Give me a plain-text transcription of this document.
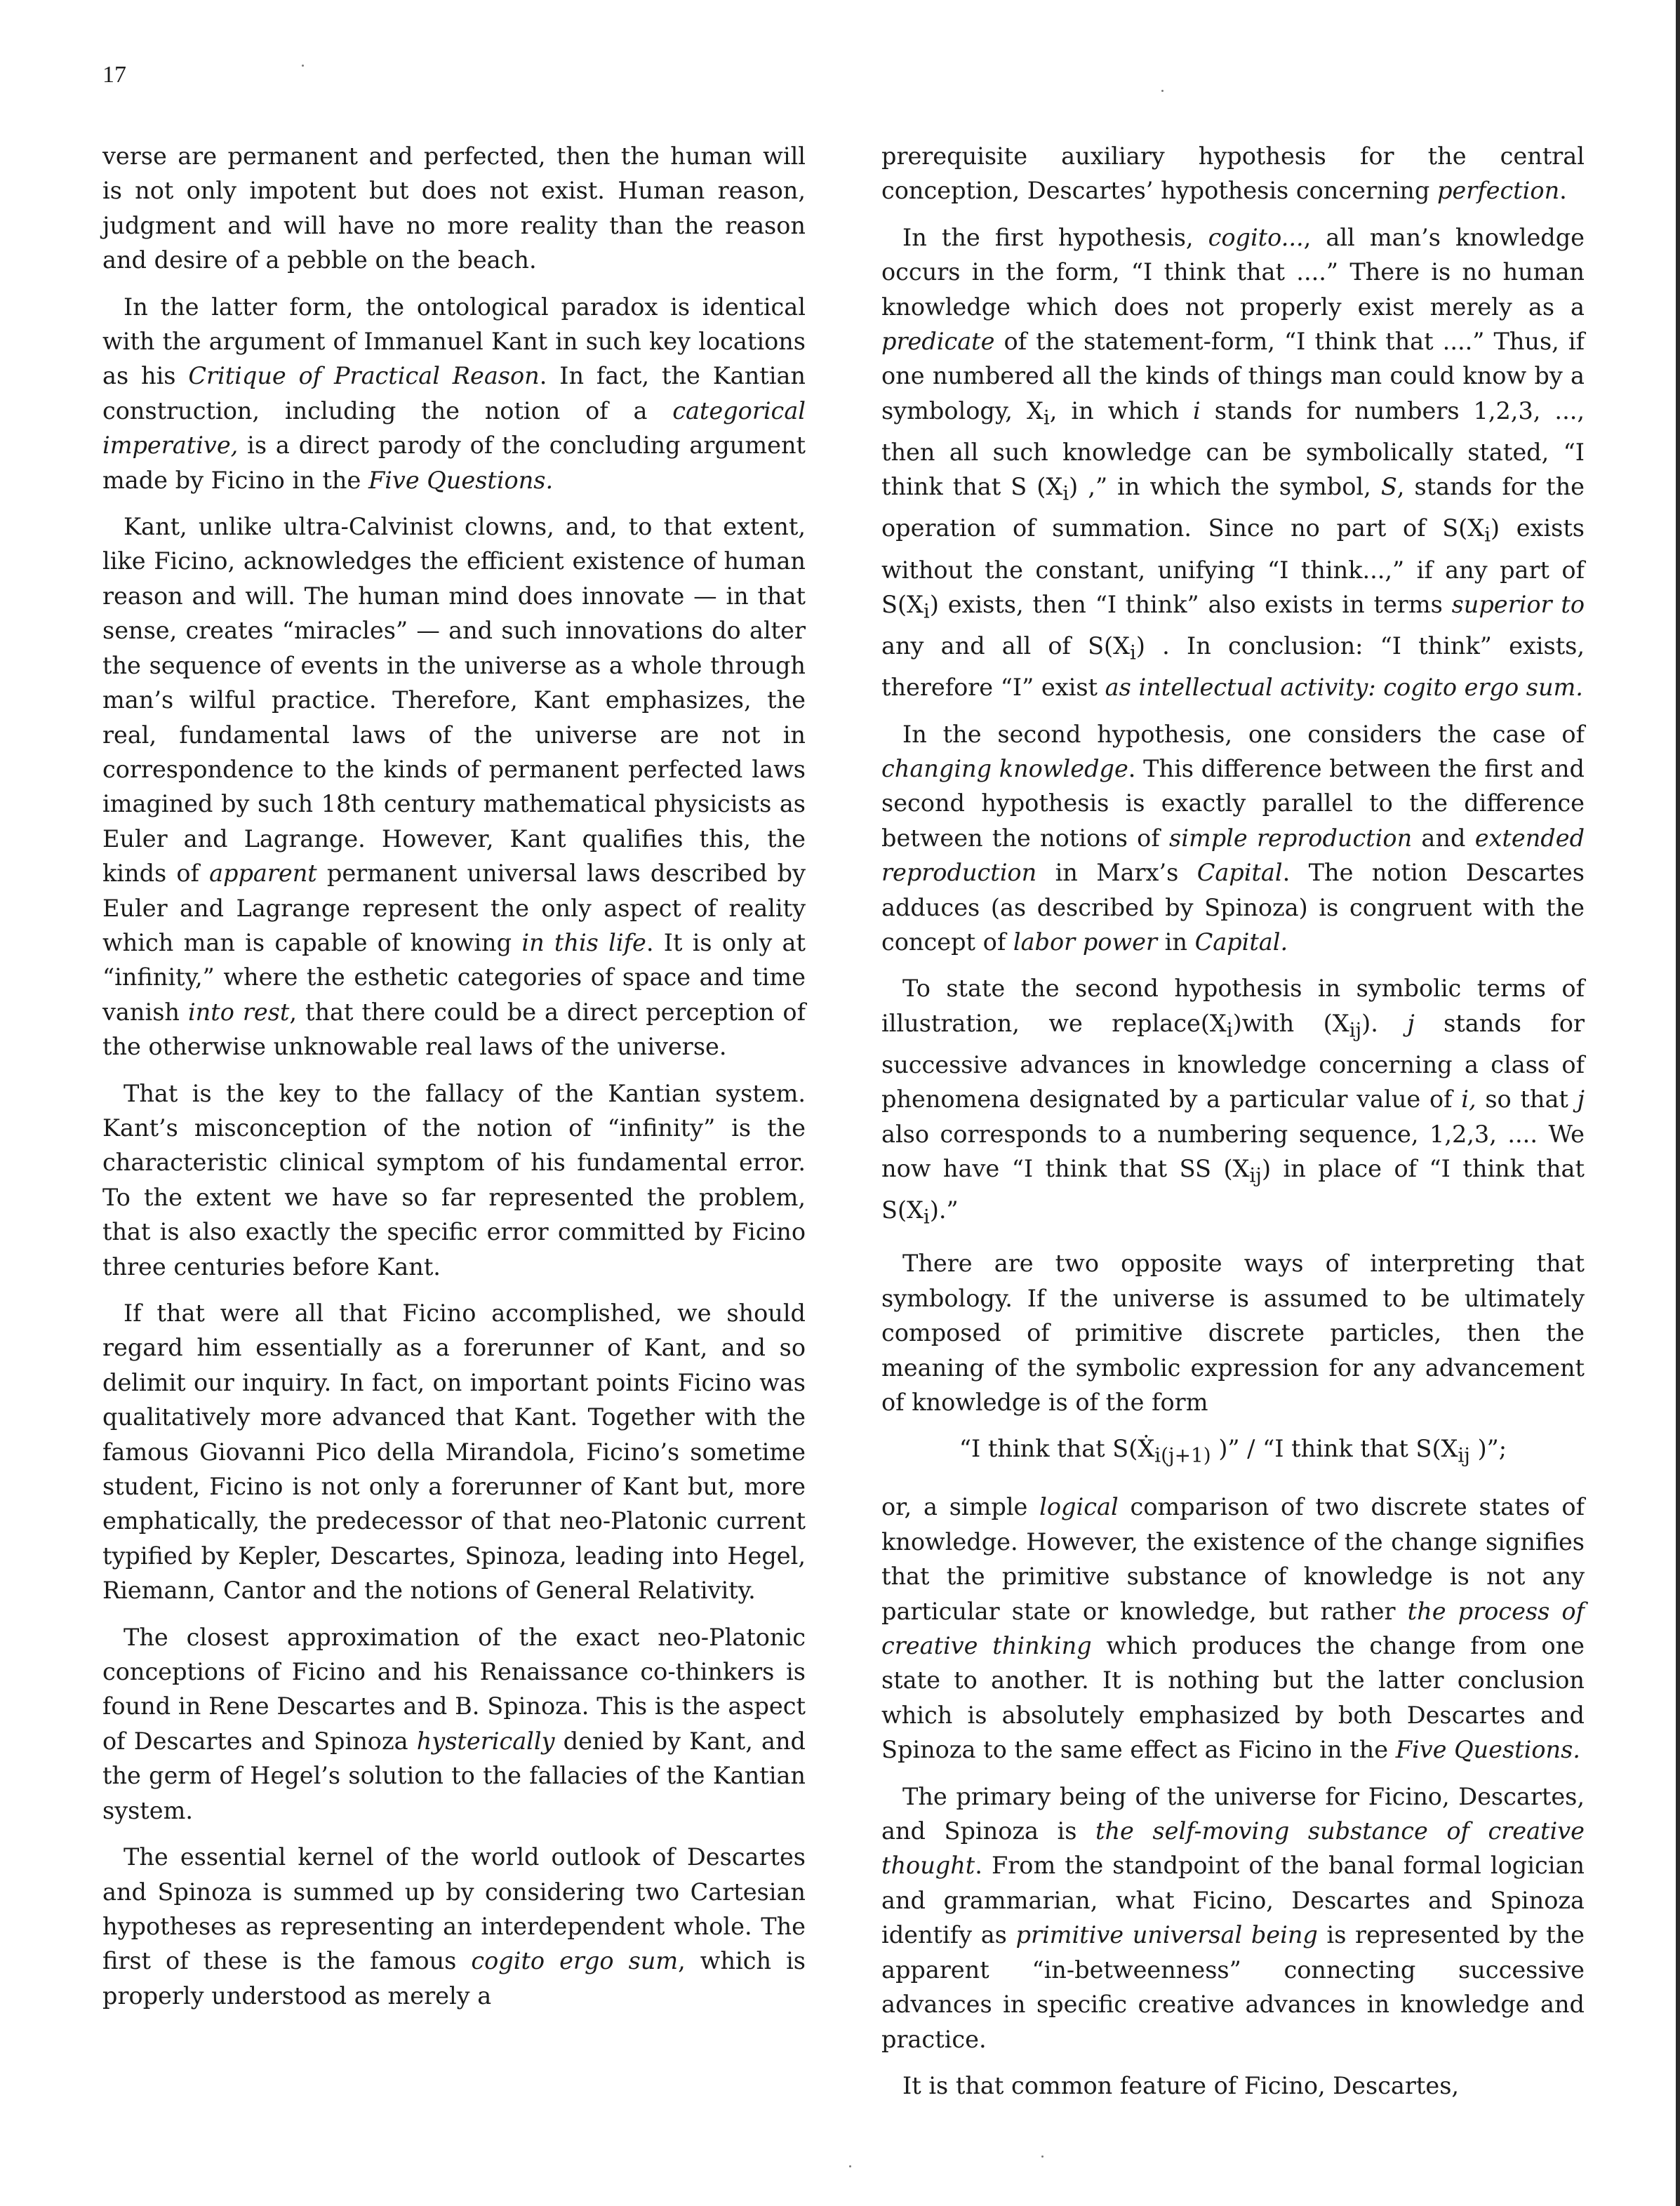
17

verse are permanent and perfected, then the human will is not only impotent but does not exist. Human reason, judgment and will have no more reality than the reason and desire of a pebble on the beach.

In the latter form, the ontological paradox is identical with the argument of Immanuel Kant in such key locations as his Critique of Practical Reason. In fact, the Kantian construction, including the notion of a categorical imperative, is a direct parody of the concluding argument made by Ficino in the Five Questions.

Kant, unlike ultra-Calvinist clowns, and, to that extent, like Ficino, acknowledges the efficient existence of human reason and will. The human mind does innovate — in that sense, creates “miracles” — and such innovations do alter the sequence of events in the universe as a whole through man’s wilful practice. Therefore, Kant emphasizes, the real, fundamental laws of the universe are not in correspondence to the kinds of permanent perfected laws imagined by such 18th century mathematical physicists as Euler and Lagrange. However, Kant qualifies this, the kinds of apparent permanent universal laws described by Euler and Lagrange represent the only aspect of reality which man is capable of knowing in this life. It is only at “infinity,” where the esthetic categories of space and time vanish into rest, that there could be a direct perception of the otherwise unknowable real laws of the universe.

That is the key to the fallacy of the Kantian system. Kant’s misconception of the notion of “infinity” is the characteristic clinical symptom of his fundamental error. To the extent we have so far represented the problem, that is also exactly the specific error committed by Ficino three centuries before Kant.

If that were all that Ficino accomplished, we should regard him essentially as a forerunner of Kant, and so delimit our inquiry. In fact, on important points Ficino was qualitatively more advanced that Kant. Together with the famous Giovanni Pico della Mirandola, Ficino’s sometime student, Ficino is not only a forerunner of Kant but, more emphatically, the predecessor of that neo-Platonic current typified by Kepler, Descartes, Spinoza, leading into Hegel, Riemann, Cantor and the notions of General Relativity.

The closest approximation of the exact neo-Platonic conceptions of Ficino and his Renaissance co-thinkers is found in Rene Descartes and B. Spinoza. This is the aspect of Descartes and Spinoza hysterically denied by Kant, and the germ of Hegel’s solution to the fallacies of the Kantian system.

The essential kernel of the world outlook of Descartes and Spinoza is summed up by considering two Cartesian hypotheses as representing an interdependent whole. The first of these is the famous cogito ergo sum, which is properly understood as merely a

prerequisite auxiliary hypothesis for the central conception, Descartes’ hypothesis concerning perfection.

In the first hypothesis, cogito..., all man’s knowledge occurs in the form, “I think that ....” There is no human knowledge which does not properly exist merely as a predicate of the statement-form, “I think that ....” Thus, if one numbered all the kinds of things man could know by a symbology, $X_i$, in which i stands for numbers 1,2,3, ..., then all such knowledge can be symbolically stated, “I think that S $(X_i)$ ,” in which the symbol, S, stands for the operation of summation. Since no part of $S(X_i)$ exists without the constant, unifying “I think...,” if any part of $S(X_i)$ exists, then “I think” also exists in terms superior to any and all of $S(X_i)$ . In conclusion: “I think” exists, therefore “I” exist as intellectual activity: cogito ergo sum.

In the second hypothesis, one considers the case of changing knowledge. This difference between the first and second hypothesis is exactly parallel to the difference between the notions of simple reproduction and extended reproduction in Marx’s Capital. The notion Descartes adduces (as described by Spinoza) is congruent with the concept of labor power in Capital.

To state the second hypothesis in symbolic terms of illustration, we $replace(X_i)with$ $(X_{ij})$. j stands for successive advances in knowledge concerning a class of phenomena designated by a particular value of i, so that j also corresponds to a numbering sequence, 1,2,3, .... We now have “I think that SS $(X_{ij})$ in place of “I think that $S(X_i)$.”

There are two opposite ways of interpreting that symbology. If the universe is assumed to be ultimately composed of primitive discrete particles, then the meaning of the symbolic expression for any advancement of knowledge is of the form

“I think that S(Ẋ$_{i(j+1)}$ )” / “I think that $S(X_{ij}$ )”;

or, a simple logical comparison of two discrete states of knowledge. However, the existence of the change signifies that the primitive substance of knowledge is not any particular state or knowledge, but rather the process of creative thinking which produces the change from one state to another. It is nothing but the latter conclusion which is absolutely emphasized by both Descartes and Spinoza to the same effect as Ficino in the Five Questions.

The primary being of the universe for Ficino, Descartes, and Spinoza is the self-moving substance of creative thought. From the standpoint of the banal formal logician and grammarian, what Ficino, Descartes and Spinoza identify as primitive universal being is represented by the apparent “in-betweenness” connecting successive advances in specific creative advances in knowledge and practice.

It is that common feature of Ficino, Descartes,
